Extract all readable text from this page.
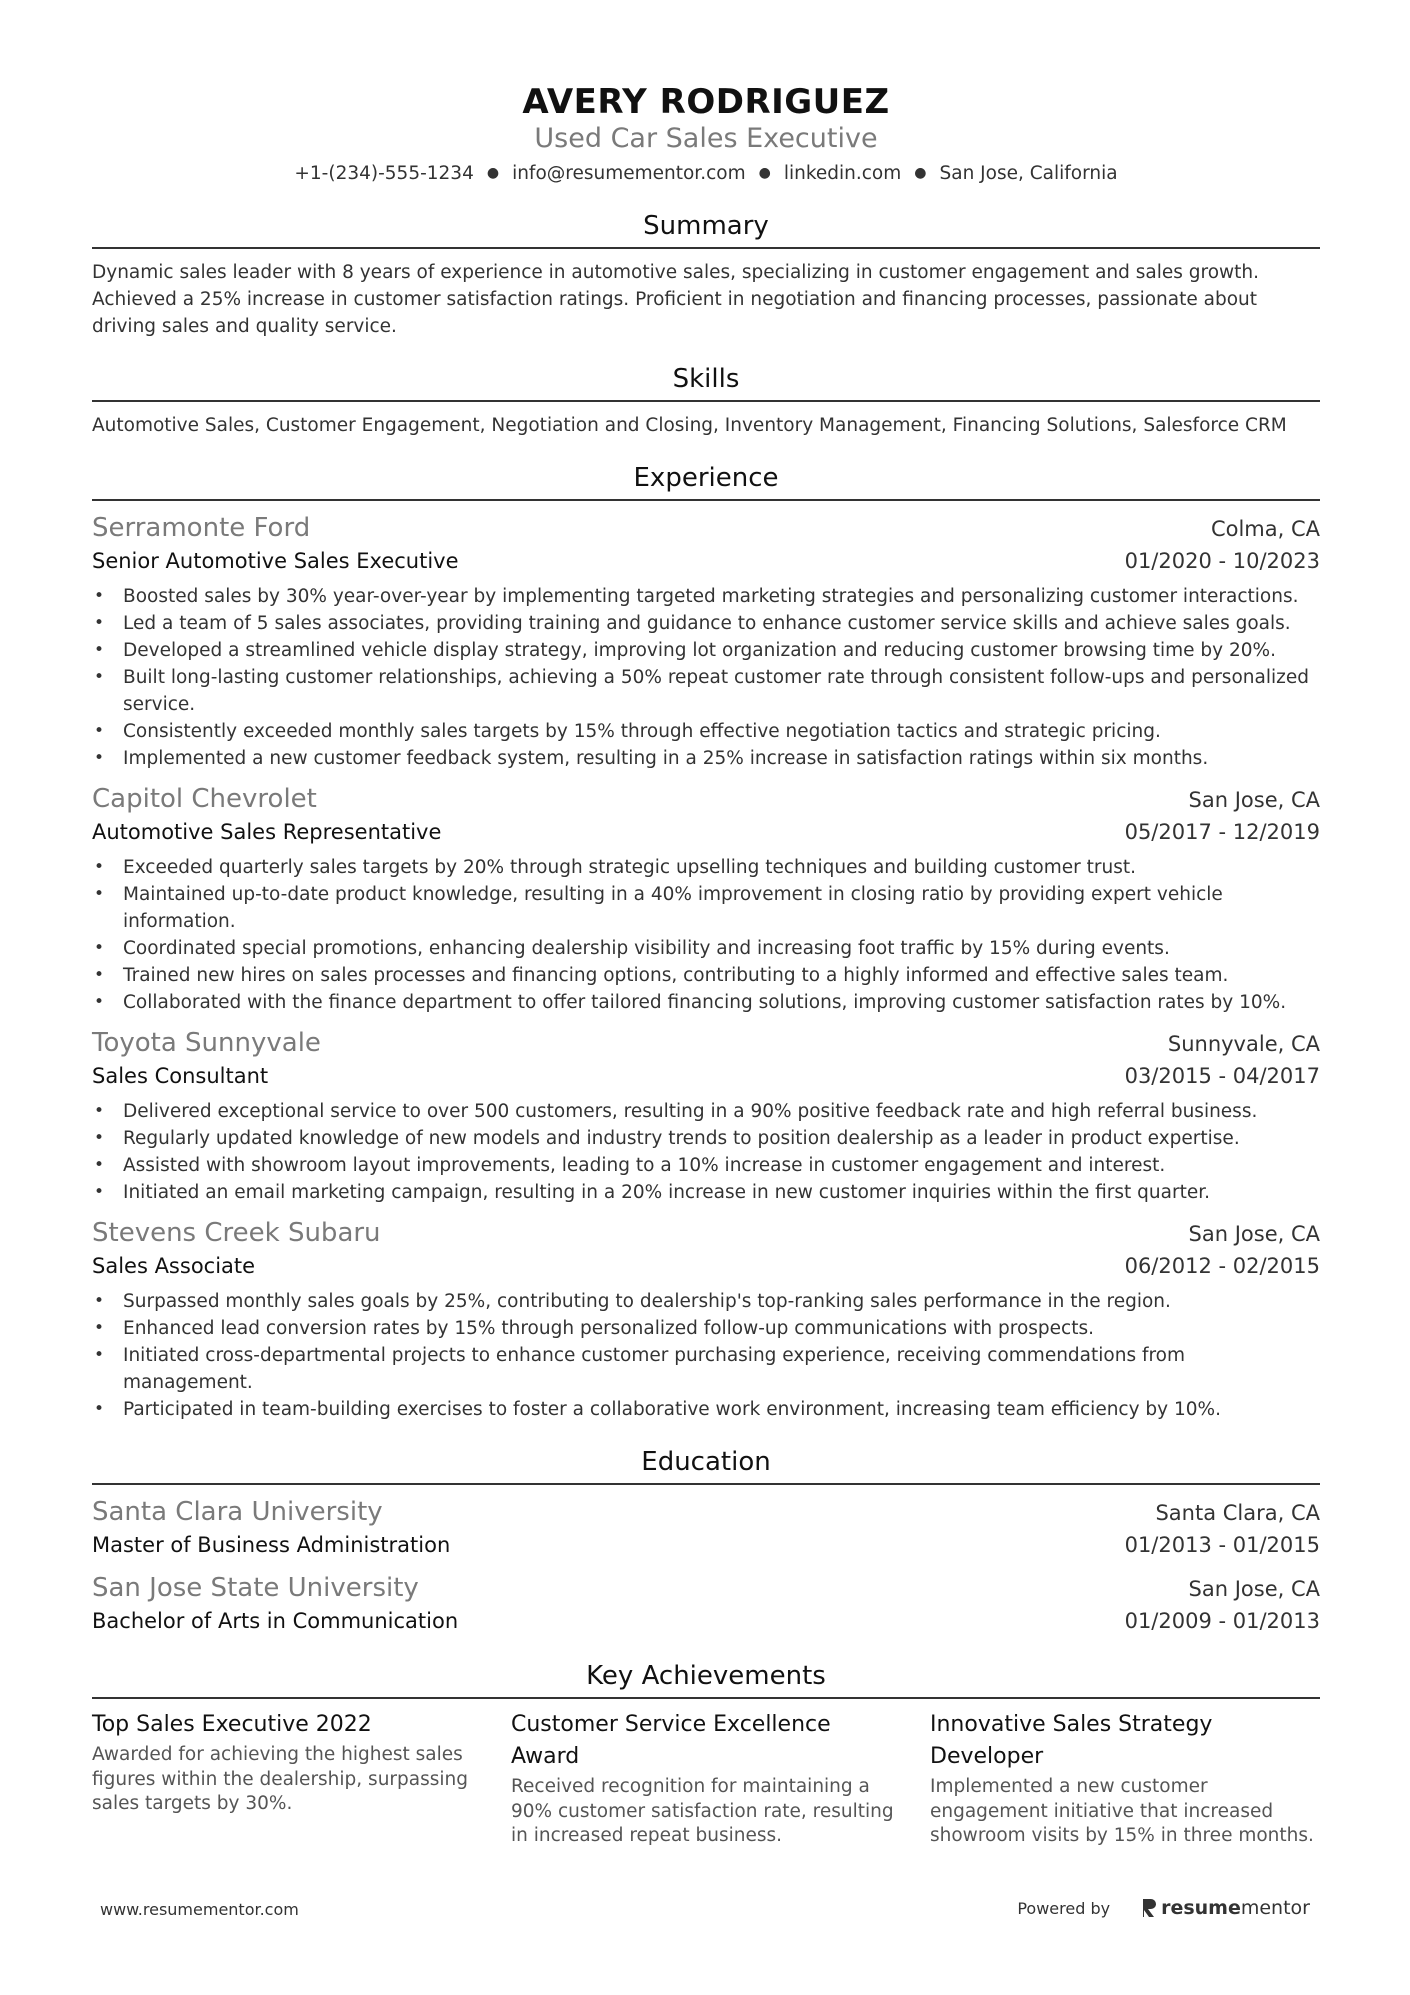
AVERY RODRIGUEZ
Used Car Sales Executive
+1-(234)-555-1234 ● info@resumementor.com ● linkedin.com ● San Jose, California
Summary
Dynamic sales leader with 8 years of experience in automotive sales, specializing in customer engagement and sales growth. Achieved a 25% increase in customer satisfaction ratings. Proficient in negotiation and financing processes, passionate about driving sales and quality service.
Skills
Automotive Sales, Customer Engagement, Negotiation and Closing, Inventory Management, Financing Solutions, Salesforce CRM
Experience
Serramonte Ford	Colma, CA
Senior Automotive Sales Executive	01/2020 - 10/2023
• Boosted sales by 30% year-over-year by implementing targeted marketing strategies and personalizing customer interactions.
• Led a team of 5 sales associates, providing training and guidance to enhance customer service skills and achieve sales goals.
• Developed a streamlined vehicle display strategy, improving lot organization and reducing customer browsing time by 20%.
• Built long-lasting customer relationships, achieving a 50% repeat customer rate through consistent follow-ups and personalized service.
• Consistently exceeded monthly sales targets by 15% through effective negotiation tactics and strategic pricing.
• Implemented a new customer feedback system, resulting in a 25% increase in satisfaction ratings within six months.
Capitol Chevrolet	San Jose, CA
Automotive Sales Representative	05/2017 - 12/2019
• Exceeded quarterly sales targets by 20% through strategic upselling techniques and building customer trust.
• Maintained up-to-date product knowledge, resulting in a 40% improvement in closing ratio by providing expert vehicle information.
• Coordinated special promotions, enhancing dealership visibility and increasing foot traffic by 15% during events.
• Trained new hires on sales processes and financing options, contributing to a highly informed and effective sales team.
• Collaborated with the finance department to offer tailored financing solutions, improving customer satisfaction rates by 10%.
Toyota Sunnyvale	Sunnyvale, CA
Sales Consultant	03/2015 - 04/2017
• Delivered exceptional service to over 500 customers, resulting in a 90% positive feedback rate and high referral business.
• Regularly updated knowledge of new models and industry trends to position dealership as a leader in product expertise.
• Assisted with showroom layout improvements, leading to a 10% increase in customer engagement and interest.
• Initiated an email marketing campaign, resulting in a 20% increase in new customer inquiries within the first quarter.
Stevens Creek Subaru	San Jose, CA
Sales Associate	06/2012 - 02/2015
• Surpassed monthly sales goals by 25%, contributing to dealership's top-ranking sales performance in the region.
• Enhanced lead conversion rates by 15% through personalized follow-up communications with prospects.
• Initiated cross-departmental projects to enhance customer purchasing experience, receiving commendations from management.
• Participated in team-building exercises to foster a collaborative work environment, increasing team efficiency by 10%.
Education
Santa Clara University	Santa Clara, CA
Master of Business Administration	01/2013 - 01/2015
San Jose State University	San Jose, CA
Bachelor of Arts in Communication	01/2009 - 01/2013
Key Achievements
Top Sales Executive 2022
Awarded for achieving the highest sales figures within the dealership, surpassing sales targets by 30%.
Customer Service Excellence Award
Received recognition for maintaining a 90% customer satisfaction rate, resulting in increased repeat business.
Innovative Sales Strategy Developer
Implemented a new customer engagement initiative that increased showroom visits by 15% in three months.
www.resumementor.com	Powered by	resume mentor
